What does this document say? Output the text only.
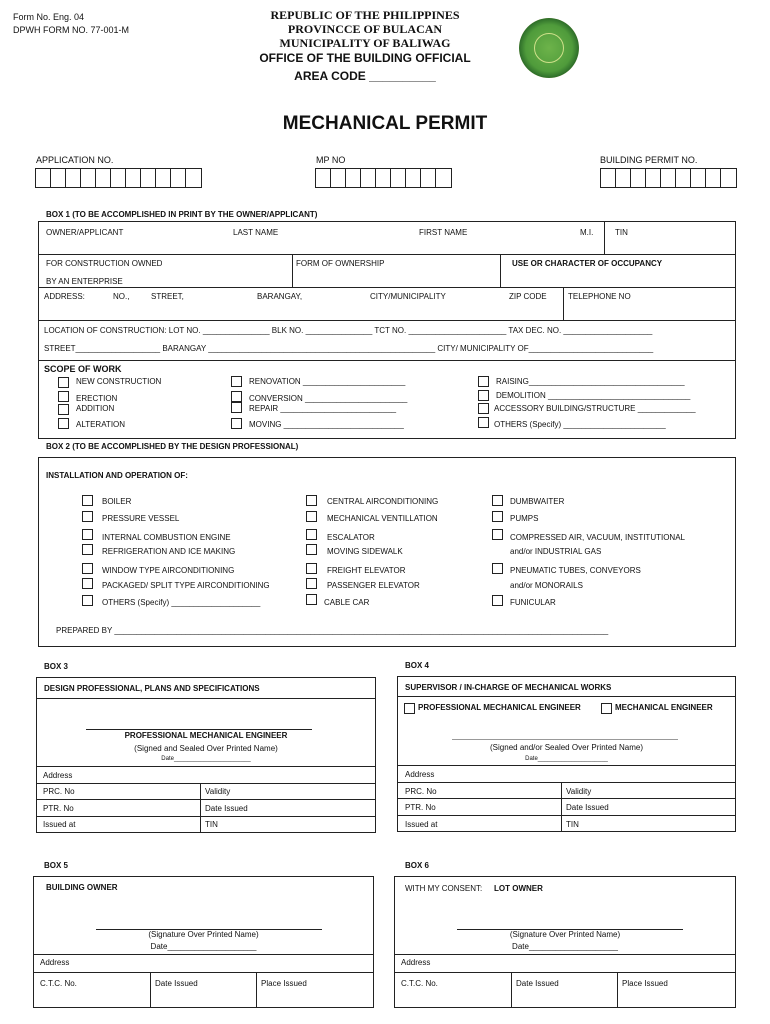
Form No. Eng. 04
DPWH FORM NO. 77-001-M
REPUBLIC OF THE PHILIPPINES
PROVINCCE OF BULACAN
MUNICIPALITY OF BALIWAG
OFFICE OF THE BUILDING OFFICIAL
AREA CODE __________
MECHANICAL PERMIT
APPLICATION NO.	MP NO	BUILDING PERMIT NO.
BOX 1 (TO BE ACCOMPLISHED IN PRINT BY THE OWNER/APPLICANT)
OWNER/APPLICANT	LAST NAME	FIRST NAME	M.I.	TIN
FOR CONSTRUCTION OWNED
BY AN ENTERPRISE
FORM OF OWNERSHIP	USE OR CHARACTER OF OCCUPANCY
ADDRESS:	NO.,	STREET,	BARANGAY,	CITY/MUNICIPALITY	ZIP CODE	TELEPHONE NO
LOCATION OF CONSTRUCTION: LOT NO. _______________ BLK NO. _______________ TCT NO. ______________________ TAX DEC. NO. ____________________
STREET___________________ BARANGAY ___________________________________________________ CITY/ MUNICIPALITY OF____________________________
SCOPE OF WORK
NEW CONSTRUCTION
ERECTION
ADDITION
ALTERATION
RENOVATION _______________________
CONVERSION _______________________
REPAIR __________________________
MOVING ___________________________
RAISING___________________________________
DEMOLITION ________________________________
ACCESSORY BUILDING/STRUCTURE _____________
OTHERS (Specify) _______________________
BOX 2 (TO BE ACCOMPLISHED BY THE DESIGN PROFESSIONAL)
INSTALLATION AND OPERATION OF:
BOILER
PRESSURE VESSEL
INTERNAL COMBUSTION ENGINE
REFRIGERATION AND ICE MAKING
WINDOW TYPE AIRCONDITIONING
PACKAGED/ SPLIT TYPE AIRCONDITIONING
OTHERS (Specify) ____________________
CENTRAL AIRCONDITIONING
MECHANICAL VENTILLATION
ESCALATOR
MOVING SIDEWALK
FREIGHT ELEVATOR
PASSENGER ELEVATOR
CABLE CAR
DUMBWAITER
PUMPS
COMPRESSED AIR, VACUUM, INSTITUTIONAL
and/or INDUSTRIAL GAS
PNEUMATIC TUBES, CONVEYORS
and/or MONORAILS
FUNICULAR
PREPARED BY _______________________________________________________________________________________________________________
BOX 3
DESIGN PROFESSIONAL, PLANS AND SPECIFICATIONS
PROFESSIONAL MECHANICAL ENGINEER
(Signed and Sealed Over Printed Name)
Date_______________________
Address
PRC. No	Validity
PTR. No	Date Issued
Issued at	TIN
BOX 4
SUPERVISOR / IN-CHARGE OF MECHANICAL WORKS
PROFESSIONAL MECHANICAL ENGINEER	MECHANICAL ENGINEER
(Signed and/or Sealed Over Printed Name)
Date_____________________
Address
PRC. No	Validity
PTR. No	Date Issued
Issued at	TIN
BOX 5
BUILDING OWNER
(Signature Over Printed Name)
Date____________________
Address
C.T.C. No.	Date Issued	Place Issued
BOX 6
WITH MY CONSENT: LOT OWNER
(Signature Over Printed Name)
Date____________________
Address
C.T.C. No.	Date Issued	Place Issued
